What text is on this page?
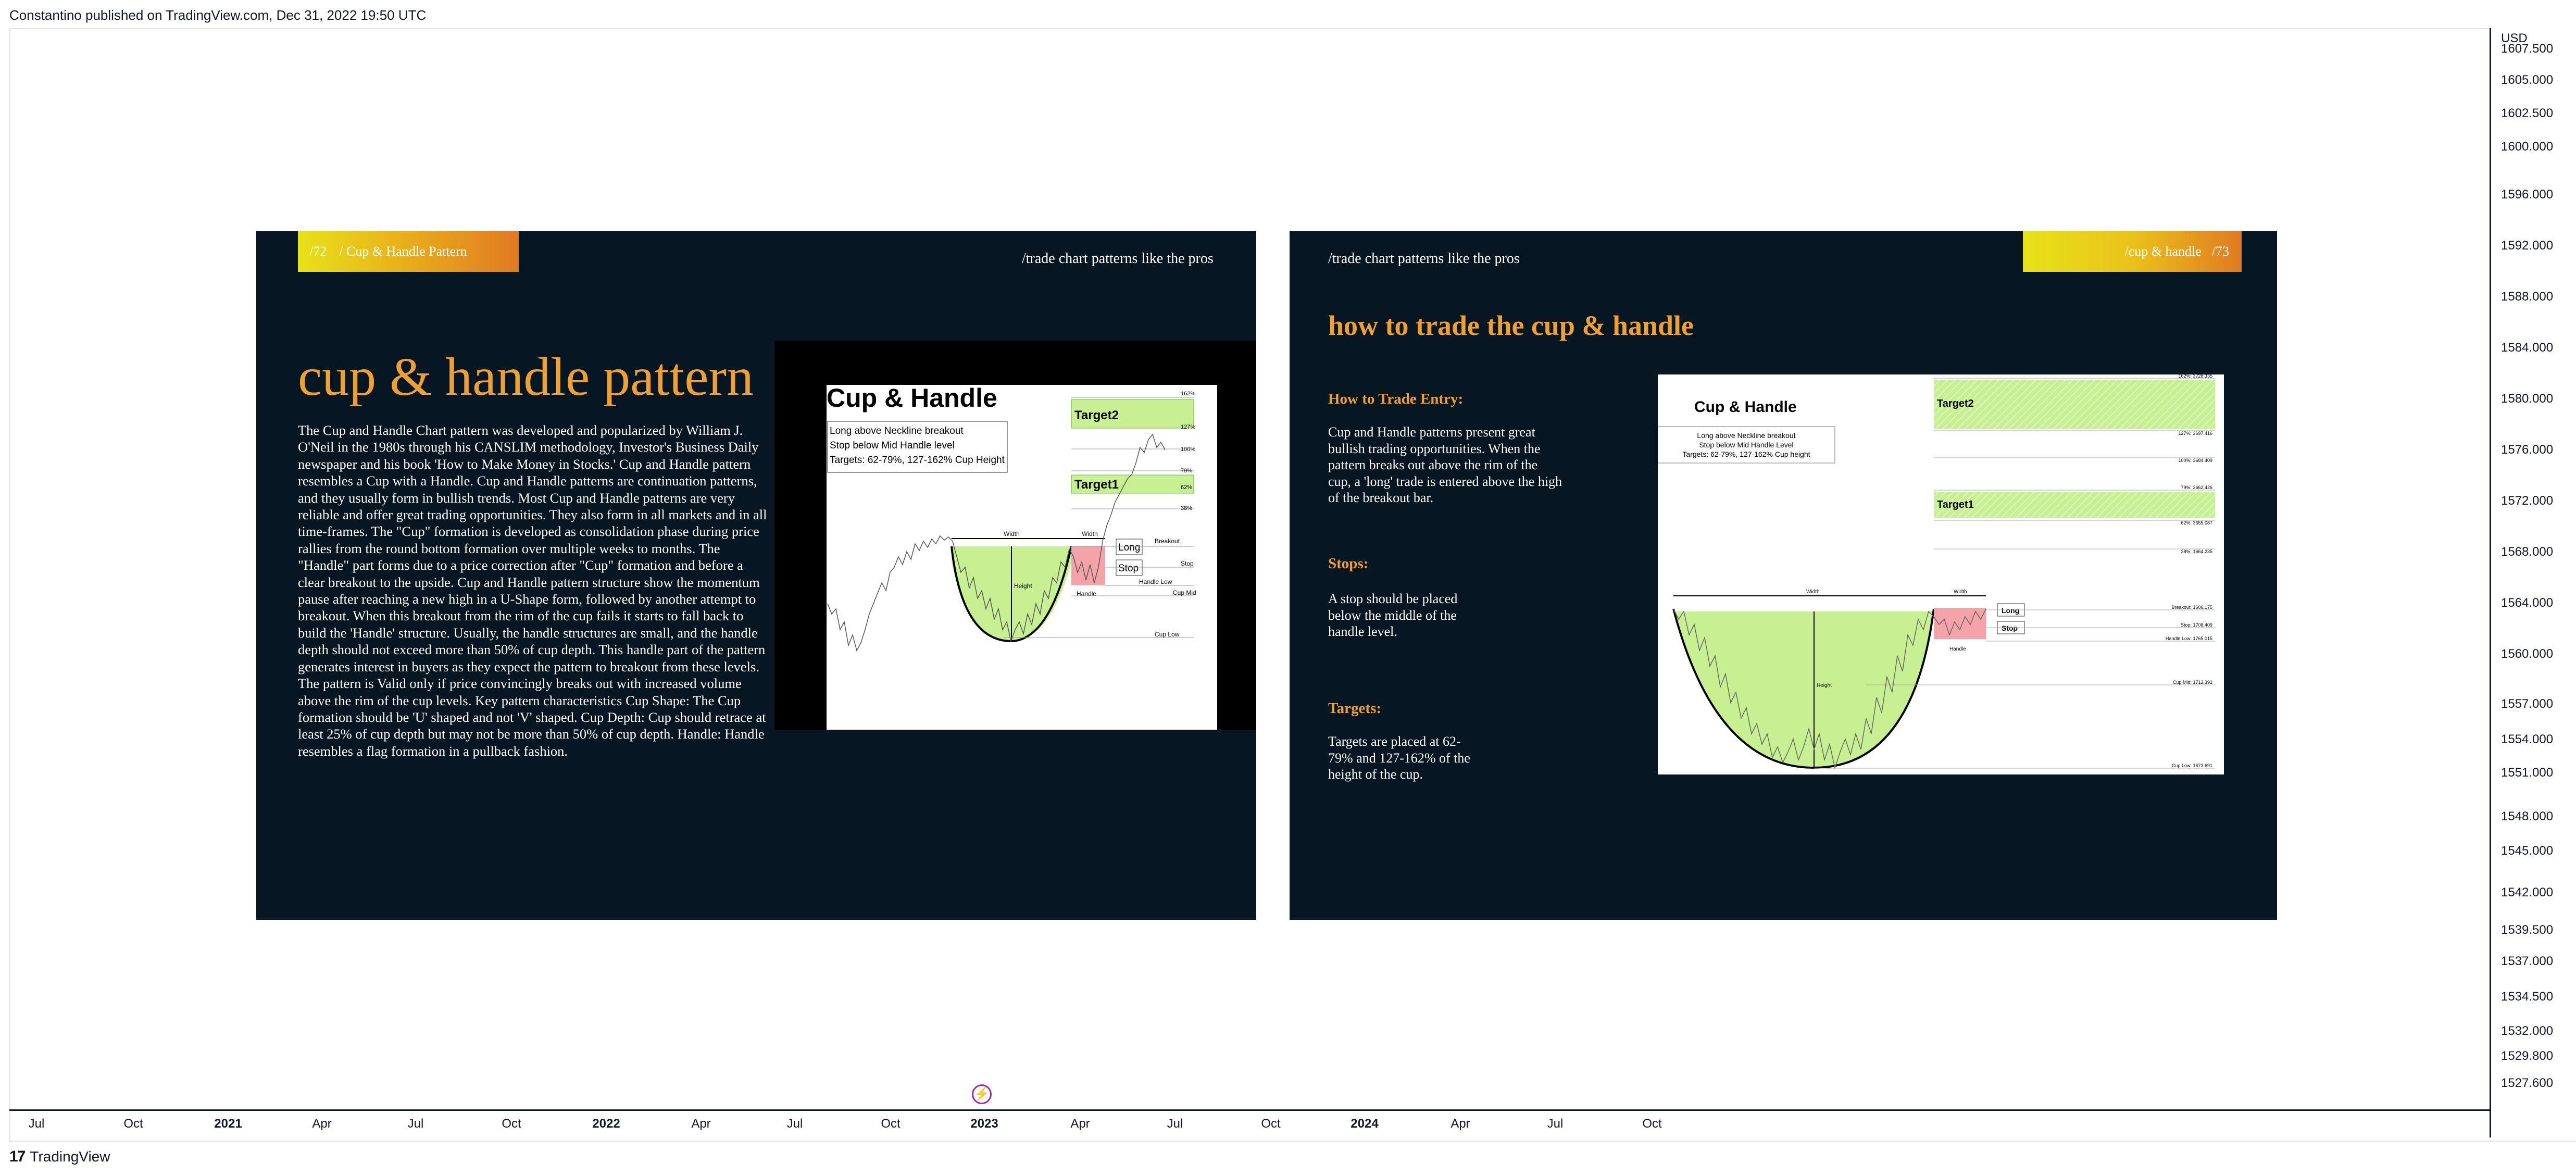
Constantino published on TradingView.com, Dec 31, 2022 19:50 UTC
USD
1607.500
1605.000
1602.500
1600.000
1596.000
1592.000
1588.000
1584.000
1580.000
1576.000
1572.000
1568.000
1564.000
1560.000
1557.000
1554.000
1551.000
1548.000
1545.000
1542.000
1539.500
1537.000
1534.500
1532.000
1529.800
1527.600
Jul	Oct	2021	Apr	Jul	Oct	2022	Apr	Jul	Oct	2023	Apr	Jul	Oct	2024	Apr	Jul	Oct
⚡
17 TradingView
/72 / Cup & Handle Pattern	/trade chart patterns like the pros
cup & handle pattern
The Cup and Handle Chart pattern was developed and popularized by William J. O'Neil in the 1980s through his CANSLIM methodology, Investor's Business Daily newspaper and his book 'How to Make Money in Stocks.' Cup and Handle pattern resembles a Cup with a Handle. Cup and Handle patterns are continuation patterns, and they usually form in bullish trends. Most Cup and Handle patterns are very reliable and offer great trading opportunities. They also form in all markets and in all time-frames. The "Cup" formation is developed as consolidation phase during price rallies from the round bottom formation over multiple weeks to months. The "Handle" part forms due to a price correction after "Cup" formation and before a clear breakout to the upside. Cup and Handle pattern structure show the momentum pause after reaching a new high in a U-Shape form, followed by another attempt to breakout. When this breakout from the rim of the cup fails it starts to fall back to build the 'Handle' structure. Usually, the handle structures are small, and the handle depth should not exceed more than 50% of cup depth. This handle part of the pattern generates interest in buyers as they expect the pattern to breakout from these levels. The pattern is Valid only if price convincingly breaks out with increased volume above the rim of the cup levels. Key pattern characteristics Cup Shape: The Cup formation should be 'U' shaped and not 'V' shaped. Cup Depth: Cup should retrace at least 25% of cup depth but may not be more than 50% of cup depth. Handle: Handle resembles a flag formation in a pullback fashion.
Cup & Handle
Long above Neckline breakout
Stop below Mid Handle level
Targets: 62-79%, 127-162% Cup Height
Target2
Target1
162%
127%
100%
79%
62%
38%
Width	Width
Height
Handle
Long
Stop
Breakout
Stop
Handle Low
Cup Mid
Cup Low
/trade chart patterns like the pros	/cup & handle /73
how to trade the cup & handle
How to Trade Entry:
Cup and Handle patterns present great bullish trading opportunities. When the pattern breaks out above the rim of the cup, a 'long' trade is entered above the high of the breakout bar.
Stops:
A stop should be placed below the middle of the handle level.
Targets:
Targets are placed at 62-79% and 127-162% of the height of the cup.
Cup & Handle
Long above Neckline breakout
Stop below Mid Handle Level
Targets: 62-79%, 127-162% Cup height
Target2
Target1
162%: 3728.335
127%: 3697.416
100%: 3684.409
79%: 3662.426
62%: 3655.087
38%: 1664.235
Width	Width
Height
Handle
Long
Stop
Breakout: 1606.175
Stop: 1708.409
Handle Low: 1765.015
Cup Mid: 1712.393
Cup Low: 1673.691
